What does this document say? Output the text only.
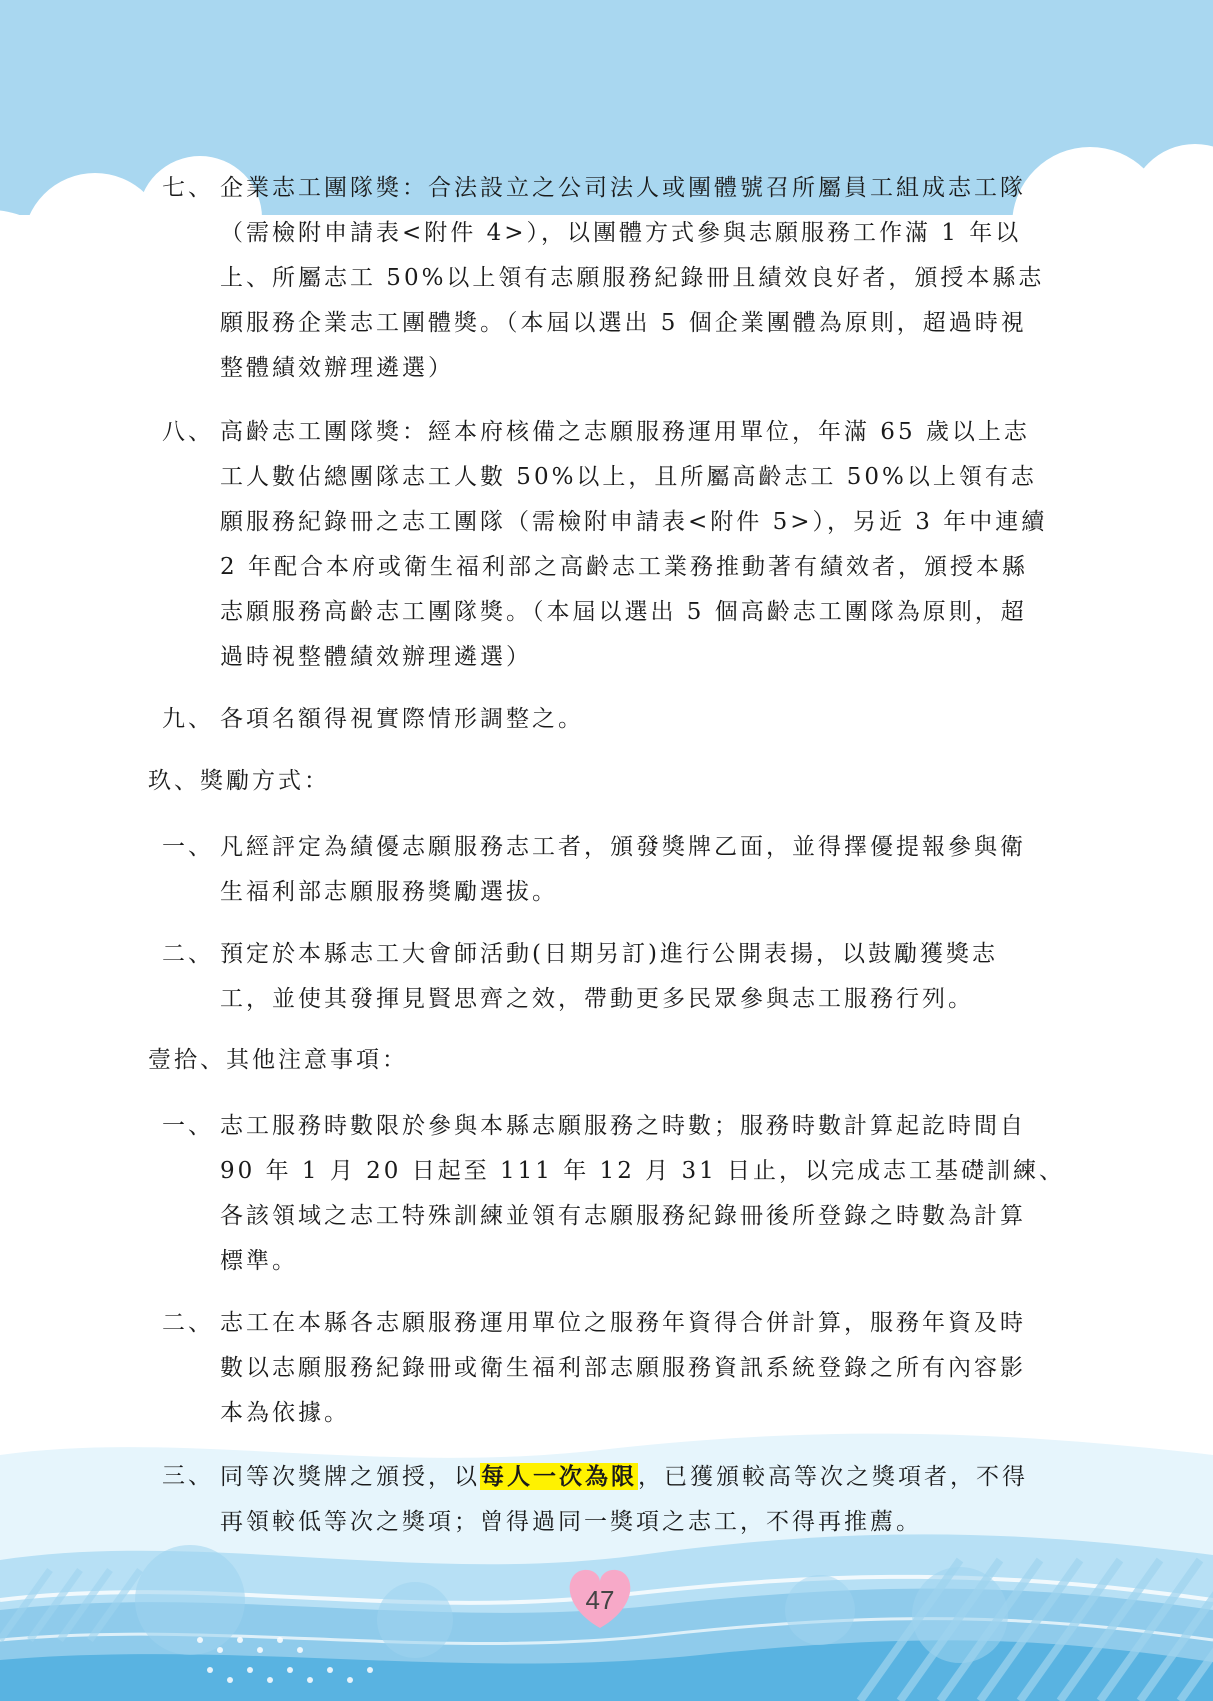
七、 企業志工團隊獎：合法設立之公司法人或團體號召所屬員工組成志工隊
（需檢附申請表<附件 4>），以團體方式參與志願服務工作滿 1 年以
上、所屬志工 50%以上領有志願服務紀錄冊且績效良好者，頒授本縣志
願服務企業志工團體獎。（本屆以選出 5 個企業團體為原則，超過時視
整體績效辦理遴選）
八、 高齡志工團隊獎：經本府核備之志願服務運用單位，年滿 65 歲以上志
工人數佔總團隊志工人數 50%以上，且所屬高齡志工 50%以上領有志
願服務紀錄冊之志工團隊（需檢附申請表<附件 5>），另近 3 年中連續
2 年配合本府或衛生福利部之高齡志工業務推動著有績效者，頒授本縣
志願服務高齡志工團隊獎。（本屆以選出 5 個高齡志工團隊為原則，超
過時視整體績效辦理遴選）
九、 各項名額得視實際情形調整之。
玖、獎勵方式：
一、 凡經評定為績優志願服務志工者，頒發獎牌乙面，並得擇優提報參與衛
生福利部志願服務獎勵選拔。
二、 預定於本縣志工大會師活動(日期另訂)進行公開表揚，以鼓勵獲獎志
工，並使其發揮見賢思齊之效，帶動更多民眾參與志工服務行列。
壹拾、其他注意事項：
一、 志工服務時數限於參與本縣志願服務之時數；服務時數計算起訖時間自
90 年 1 月 20 日起至 111 年 12 月 31 日止，以完成志工基礎訓練、
各該領域之志工特殊訓練並領有志願服務紀錄冊後所登錄之時數為計算
標準。
二、 志工在本縣各志願服務運用單位之服務年資得合併計算，服務年資及時
數以志願服務紀錄冊或衛生福利部志願服務資訊系統登錄之所有內容影
本為依據。
三、 同等次獎牌之頒授，以每人一次為限，已獲頒較高等次之獎項者，不得
再領較低等次之獎項；曾得過同一獎項之志工，不得再推薦。
47
